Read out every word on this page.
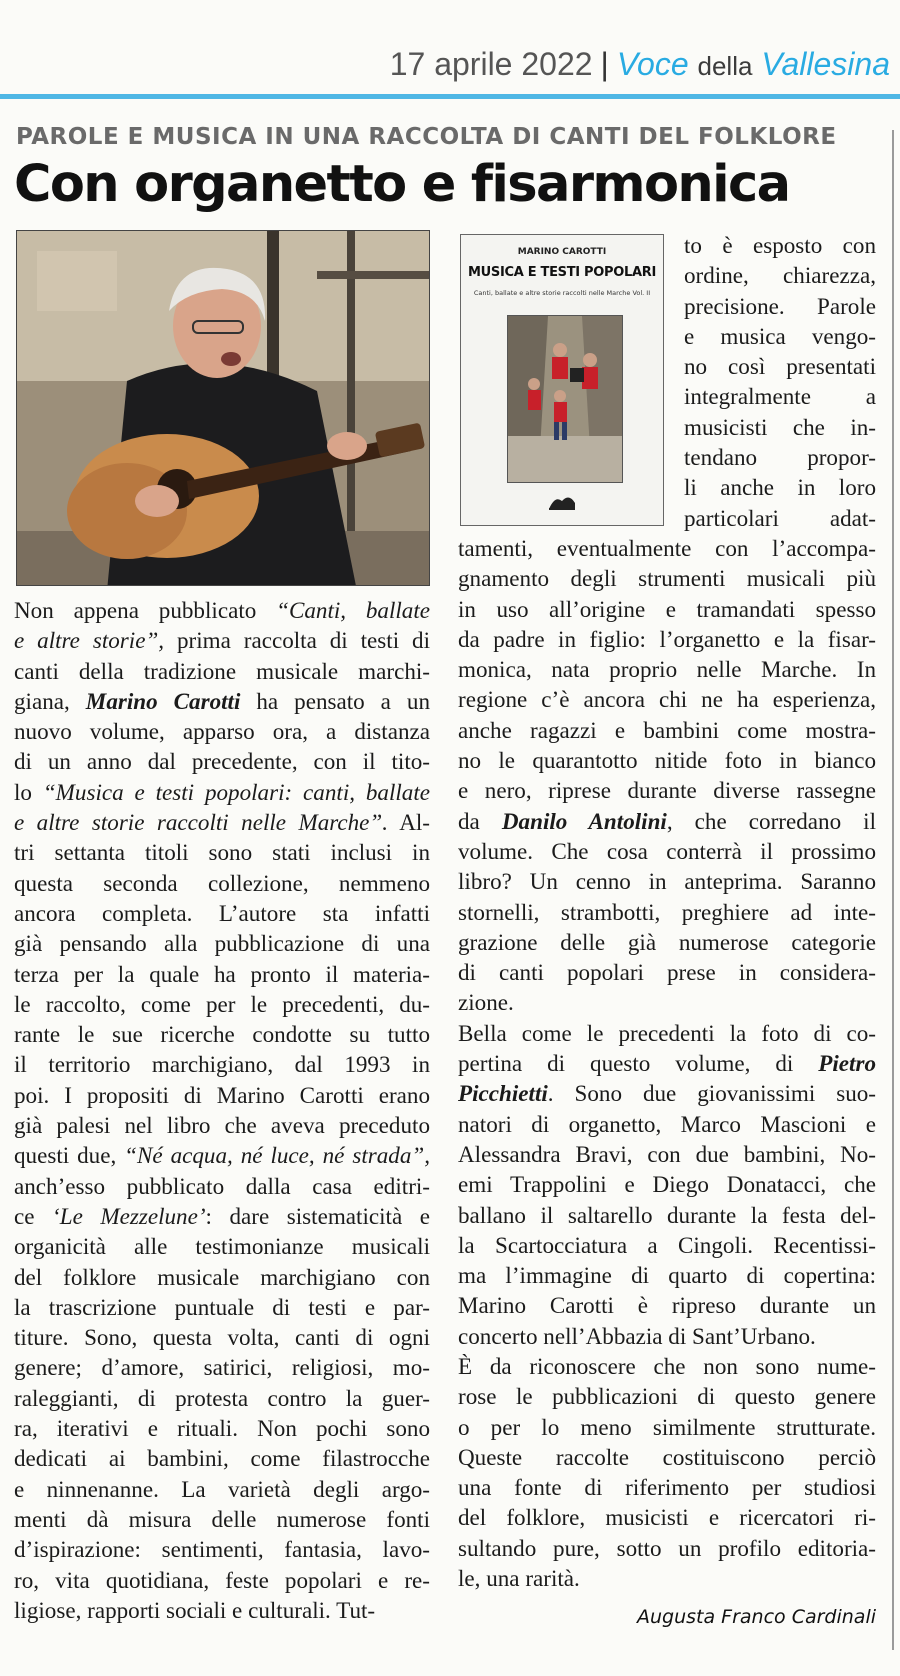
17 aprile 2022 | Voce della Vallesina
PAROLE E MUSICA IN UNA RACCOLTA DI CANTI DEL FOLKLORE
Con organetto e fisarmonica
MARINO CAROTTI
MUSICA E TESTI POPOLARI
Canti, ballate e altre storie raccolti nelle Marche Vol. II
to è esposto con
ordine, chiarezza,
precisione. Parole
e musica vengo-
no così presentati
integralmente a
musicisti che in-
tendano propor-
li anche in loro
particolari adat-
tamenti, eventualmente con l’accompa-
gnamento degli strumenti musicali più
in uso all’origine e tramandati spesso
da padre in figlio: l’organetto e la fisar-
monica, nata proprio nelle Marche. In
regione c’è ancora chi ne ha esperienza,
anche ragazzi e bambini come mostra-
no le quarantotto nitide foto in bianco
e nero, riprese durante diverse rassegne
da Danilo Antolini, che corredano il
volume. Che cosa conterrà il prossimo
libro? Un cenno in anteprima. Saranno
stornelli, strambotti, preghiere ad inte-
grazione delle già numerose categorie
di canti popolari prese in considera-
zione.
Bella come le precedenti la foto di co-
pertina di questo volume, di Pietro
Picchietti. Sono due giovanissimi suo-
natori di organetto, Marco Mascioni e
Alessandra Bravi, con due bambini, No-
emi Trappolini e Diego Donatacci, che
ballano il saltarello durante la festa del-
la Scartocciatura a Cingoli. Recentissi-
ma l’immagine di quarto di copertina:
Marino Carotti è ripreso durante un
concerto nell’Abbazia di Sant’Urbano.
È da riconoscere che non sono nume-
rose le pubblicazioni di questo genere
o per lo meno similmente strutturate.
Queste raccolte costituiscono perciò
una fonte di riferimento per studiosi
del folklore, musicisti e ricercatori ri-
sultando pure, sotto un profilo editoria-
le, una rarità.
Non appena pubblicato “Canti, ballate
e altre storie”, prima raccolta di testi di
canti della tradizione musicale marchi-
giana, Marino Carotti ha pensato a un
nuovo volume, apparso ora, a distanza
di un anno dal precedente, con il tito-
lo “Musica e testi popolari: canti, ballate
e altre storie raccolti nelle Marche”. Al-
tri settanta titoli sono stati inclusi in
questa seconda collezione, nemmeno
ancora completa. L’autore sta infatti
già pensando alla pubblicazione di una
terza per la quale ha pronto il materia-
le raccolto, come per le precedenti, du-
rante le sue ricerche condotte su tutto
il territorio marchigiano, dal 1993 in
poi. I propositi di Marino Carotti erano
già palesi nel libro che aveva preceduto
questi due, “Né acqua, né luce, né strada”,
anch’esso pubblicato dalla casa editri-
ce ‘Le Mezzelune’: dare sistematicità e
organicità alle testimonianze musicali
del folklore musicale marchigiano con
la trascrizione puntuale di testi e par-
titure. Sono, questa volta, canti di ogni
genere; d’amore, satirici, religiosi, mo-
raleggianti, di protesta contro la guer-
ra, iterativi e rituali. Non pochi sono
dedicati ai bambini, come filastrocche
e ninnenanne. La varietà degli argo-
menti dà misura delle numerose fonti
d’ispirazione: sentimenti, fantasia, lavo-
ro, vita quotidiana, feste popolari e re-
ligiose, rapporti sociali e culturali. Tut-	Augusta Franco Cardinali
